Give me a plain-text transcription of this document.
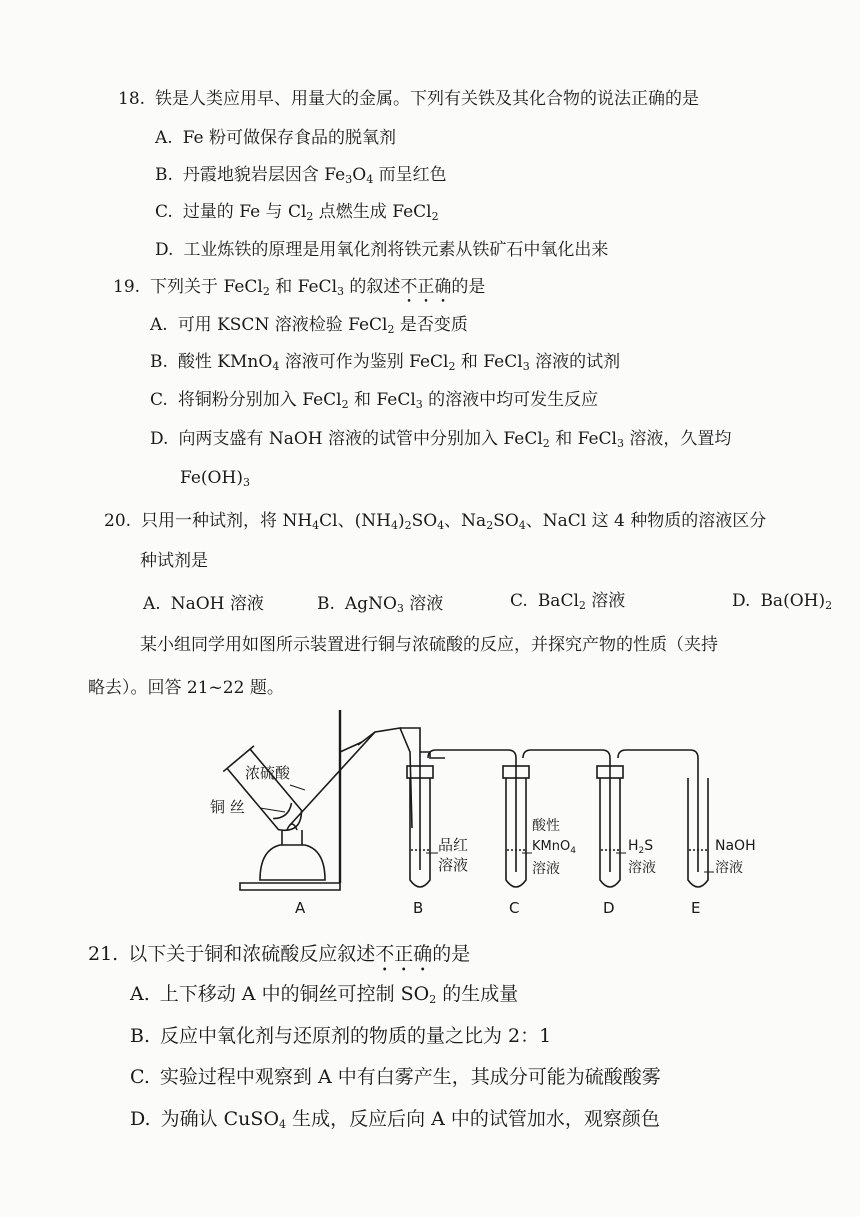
18. 铁是人类应用早、用量大的金属。下列有关铁及其化合物的说法正确的是
A. Fe 粉可做保存食品的脱氧剂
B. 丹霞地貌岩层因含 $Fe_3O_4$ 而呈红色
C. 过量的 Fe 与 $Cl_2$ 点燃生成 FeCl$_2$
D. 工业炼铁的原理是用氧化剂将铁元素从铁矿石中氧化出来
19. 下列关于 FeCl$_2$ 和 FeCl$_3$ 的叙述不正确的是
A. 可用 KSCN 溶液检验 FeCl$_2$ 是否变质
B. 酸性 KMnO$_4$ 溶液可作为鉴别 FeCl$_2$ 和 FeCl$_3$ 溶液的试剂
C. 将铜粉分别加入 FeCl$_2$ 和 FeCl$_3$ 的溶液中均可发生反应
D. 向两支盛有 NaOH 溶液的试管中分别加入 FeCl$_2$ 和 FeCl$_3$ 溶液，久置均
$Fe(OH)_3$
20. 只用一种试剂，将 $NH_4Cl$、$(NH_4)_2SO_4$、$Na_2SO_4$、NaCl 这 4 种物质的溶液区分
种试剂是
A. NaOH 溶液	B. AgNO$_3$ 溶液	C. BaCl$_2$ 溶液	D. $Ba(OH)_2$
某小组同学用如图所示装置进行铜与浓硫酸的反应，并探究产物的性质（夹持
略去）。回答 21~22 题。
浓硫酸
铜 丝
品红
溶液
酸性
KMnO$_4$
溶液
$H_2S$
溶液
NaOH
溶液
A	B	C	D	E
21. 以下关于铜和浓硫酸反应叙述不正确的是
A. 上下移动 A 中的铜丝可控制 $SO_2$ 的生成量
B. 反应中氧化剂与还原剂的物质的量之比为 2：1
C. 实验过程中观察到 A 中有白雾产生，其成分可能为硫酸酸雾
D. 为确认 CuSO$_4$ 生成，反应后向 A 中的试管加水，观察颜色
